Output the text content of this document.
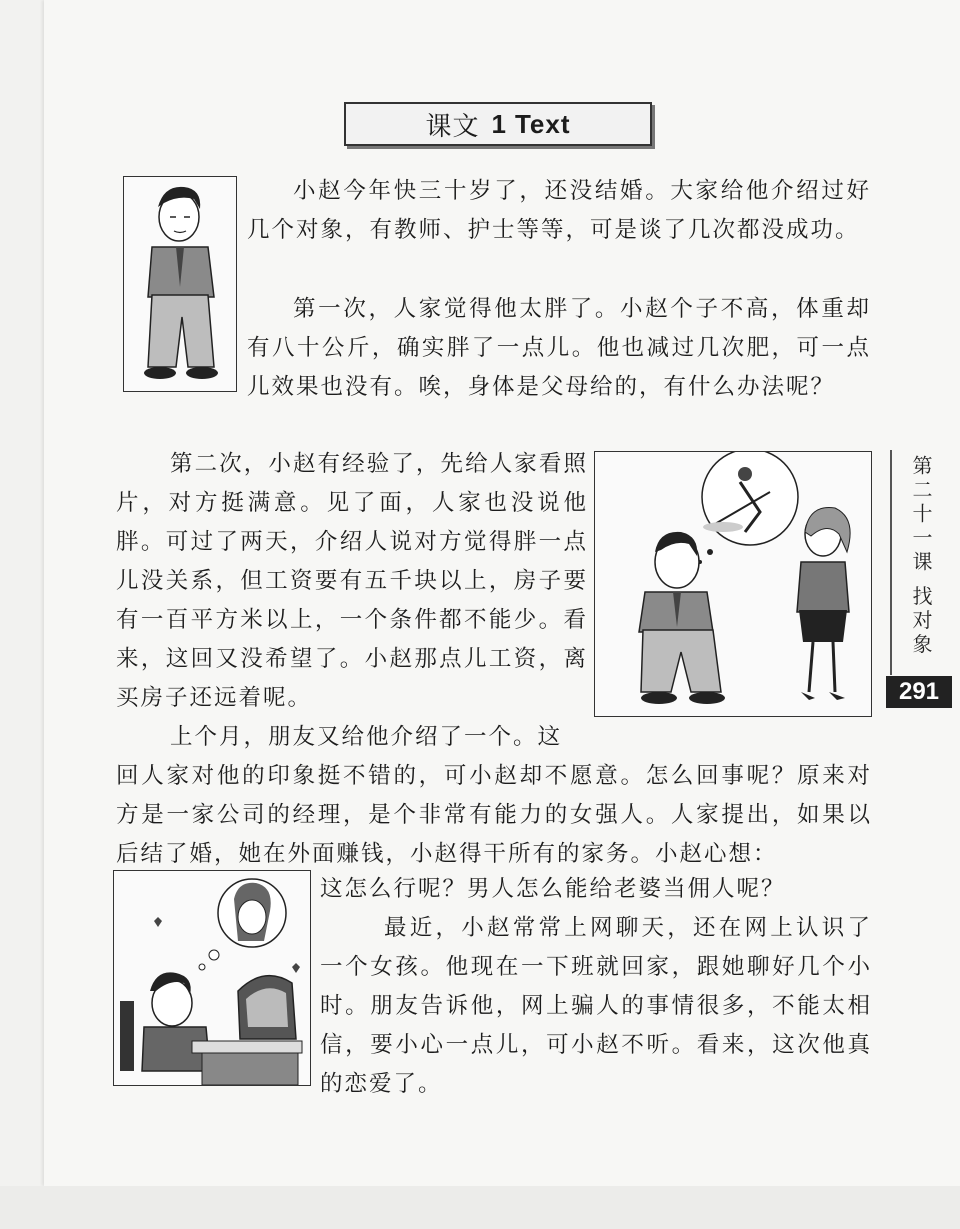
课文 1 Text

小赵今年快三十岁了，还没结婚。大家给他介绍过好几个对象，有教师、护士等等，可是谈了几次都没成功。

第一次，人家觉得他太胖了。小赵个子不高，体重却有八十公斤，确实胖了一点儿。他也减过几次肥，可一点儿效果也没有。唉，身体是父母给的，有什么办法呢？

第二次，小赵有经验了，先给人家看照片，对方挺满意。见了面，人家也没说他胖。可过了两天，介绍人说对方觉得胖一点儿没关系，但工资要有五千块以上，房子要有一百平方米以上，一个条件都不能少。看来，这回又没希望了。小赵那点儿工资，离买房子还远着呢。

上个月，朋友又给他介绍了一个。这

回人家对他的印象挺不错的，可小赵却不愿意。怎么回事呢？原来对方是一家公司的经理，是个非常有能力的女强人。人家提出，如果以后结了婚，她在外面赚钱，小赵得干所有的家务。小赵心想：

这怎么行呢？男人怎么能给老婆当佣人呢？

最近，小赵常常上网聊天，还在网上认识了一个女孩。他现在一下班就回家，跟她聊好几个小时。朋友告诉他，网上骗人的事情很多，不能太相信，要小心一点儿，可小赵不听。看来，这次他真的恋爱了。

第二十一课 找对象
291
